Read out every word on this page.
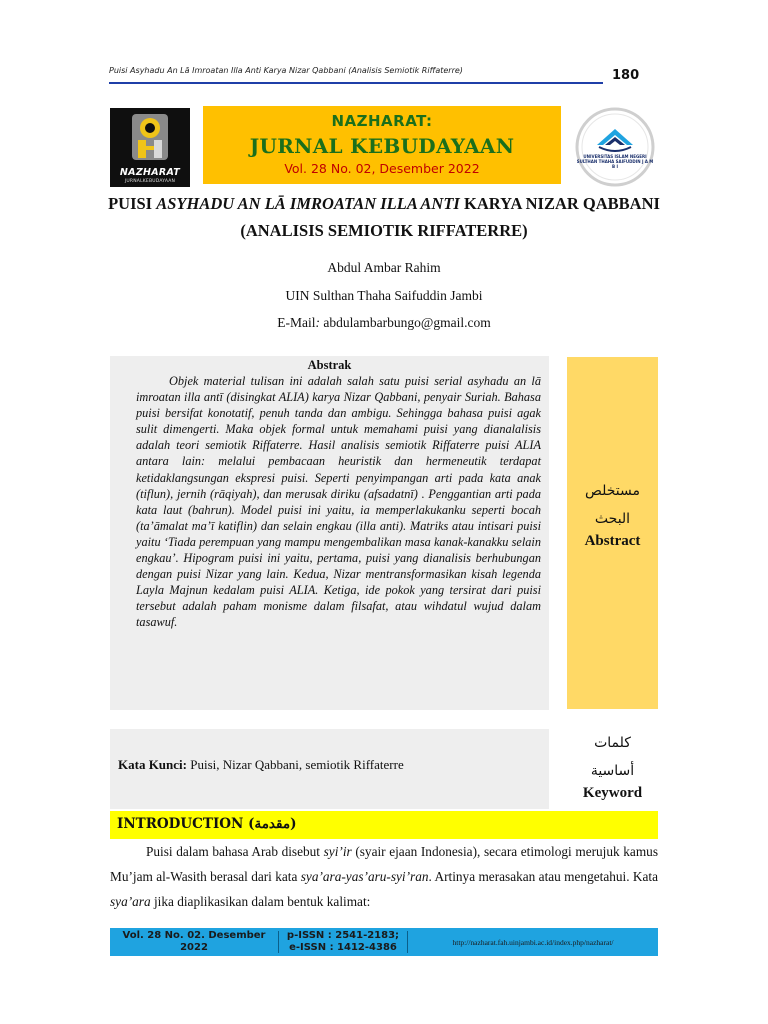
Puisi Asyhadu An Lā Imroatan Illa Anti Karya Nizar Qabbani (Analisis Semiotik Riffaterre)	180
NAZHARAT
JURNALKEBUDAYAAN
NAZHARAT:
JURNAL KEBUDAYAAN
Vol. 28 No. 02, Desember 2022
UNIVERSITAS ISLAM NEGERI SULTHAN THAHA SAIFUDDIN J A M B I
PUISI ASYHADU AN LĀ IMROATAN ILLA ANTI KARYA NIZAR QABBANI (ANALISIS SEMIOTIK RIFFATERRE)
Abdul Ambar Rahim
UIN Sulthan Thaha Saifuddin Jambi
E-Mail: abdulambarbungo@gmail.com
Abstrak

Objek material tulisan ini adalah salah satu puisi serial asyhadu an lā imroatan illa antī (disingkat ALIA) karya Nizar Qabbani, penyair Suriah. Bahasa puisi bersifat konotatif, penuh tanda dan ambigu. Sehingga bahasa puisi agak sulit dimengerti. Maka objek formal untuk memahami puisi yang dianalalisis adalah teori semiotik Riffaterre. Hasil analisis semiotik Riffaterre puisi ALIA antara lain: melalui pembacaan heuristik dan hermeneutik terdapat ketidaklangsungan ekspresi puisi. Seperti penyimpangan arti pada kata anak (tiflun), jernih (rāqiyah), dan merusak diriku (afsadatnī) . Penggantian arti pada kata laut (bahrun). Model puisi ini yaitu, ia memperlakukanku seperti bocah (ta’āmalat ma’ī katiflin) dan selain engkau (illa anti). Matriks atau intisari puisi yaitu ‘Tiada perempuan yang mampu mengembalikan masa kanak-kanakku selain engkau’. Hipogram puisi ini yaitu, pertama, puisi yang dianalisis berhubungan dengan puisi Nizar yang lain. Kedua, Nizar mentransformasikan kisah legenda Layla Majnun kedalam puisi ALIA. Ketiga, ide pokok yang tersirat dari puisi tersebut adalah paham monisme dalam filsafat, atau wihdatul wujud dalam tasawuf.

مستخلص
البحث
Abstract
Kata Kunci: Puisi, Nizar Qabbani, semiotik Riffaterre
كلمات
أساسية
Keyword
INTRODUCTION (مقدمة)

Puisi dalam bahasa Arab disebut syi’ir (syair ejaan Indonesia), secara etimologi merujuk kamus Mu’jam al-Wasith berasal dari kata sya’ara-yas’aru-syi’ran. Artinya merasakan atau mengetahui. Kata sya’ara jika diaplikasikan dalam bentuk kalimat:

Vol. 28 No. 02. Desember
2022
p-ISSN : 2541-2183;
e-ISSN : 1412-4386	http://nazharat.fah.uinjambi.ac.id/index.php/nazharat/
